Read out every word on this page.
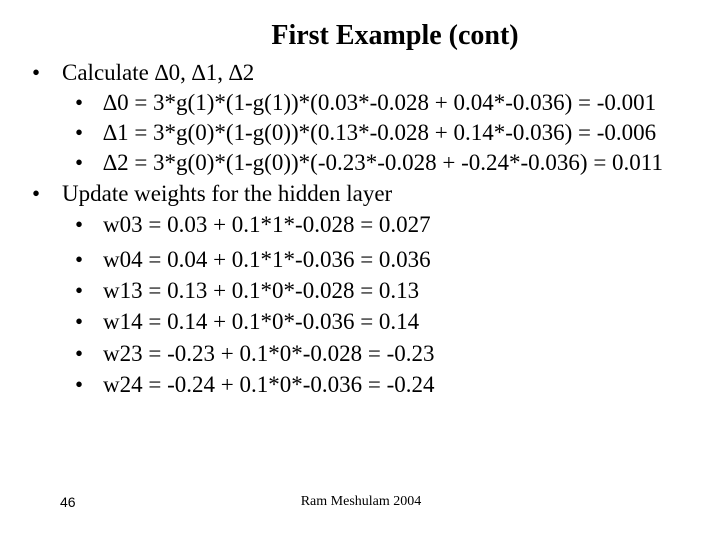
First Example (cont)
• Calculate ∆0, ∆1, ∆2
• ∆0 = 3*g(1)*(1-g(1))*(0.03*-0.028 + 0.04*-0.036) = -0.001
• ∆1 = 3*g(0)*(1-g(0))*(0.13*-0.028 + 0.14*-0.036) = -0.006
• ∆2 = 3*g(0)*(1-g(0))*(-0.23*-0.028 + -0.24*-0.036) = 0.011
• Update weights for the hidden layer
• w03 = 0.03 + 0.1*1*-0.028 = 0.027
• w04 = 0.04 + 0.1*1*-0.036 = 0.036
• w13 = 0.13 + 0.1*0*-0.028 = 0.13
• w14 = 0.14 + 0.1*0*-0.036 = 0.14
• w23 = -0.23 + 0.1*0*-0.028 = -0.23
• w24 = -0.24 + 0.1*0*-0.036 = -0.24
46	Ram Meshulam 2004
